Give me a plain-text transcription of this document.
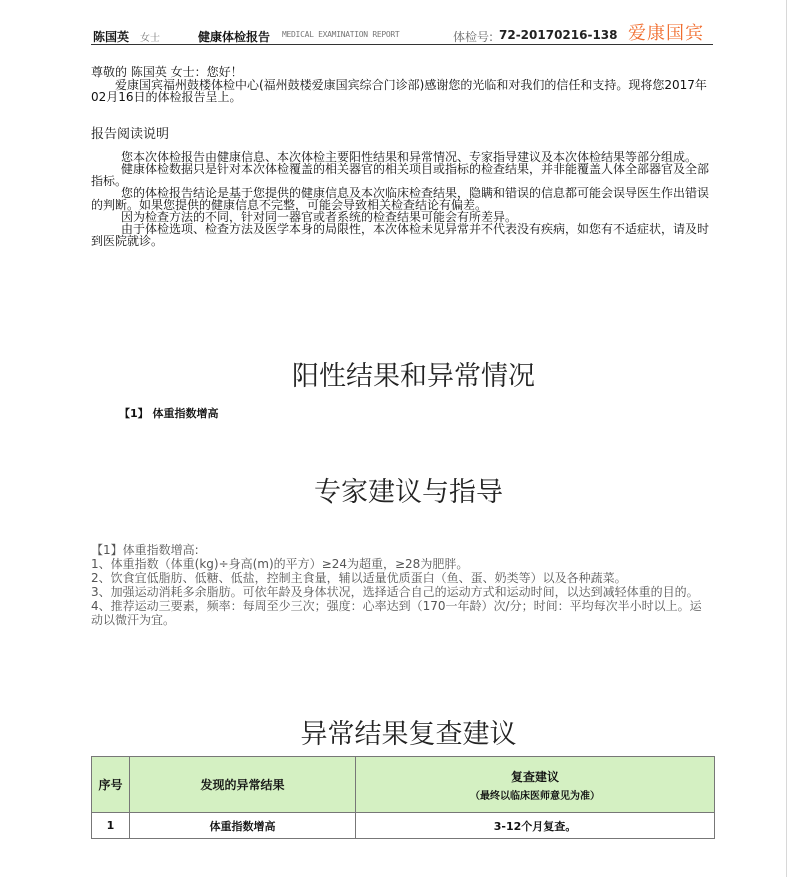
陈国英 女士	健康体检报告 MEDICAL EXAMINATION REPORT	体检号: 72-20170216-138 爱康国宾
尊敬的 陈国英 女士：您好！
爱康国宾福州鼓楼体检中心(福州鼓楼爱康国宾综合门诊部)感谢您的光临和对我们的信任和支持。现将您2017年02月16日的体检报告呈上。
报告阅读说明

您本次体检报告由健康信息、本次体检主要阳性结果和异常情况、专家指导建议及本次体检结果等部分组成。

健康体检数据只是针对本次体检覆盖的相关器官的相关项目或指标的检查结果，并非能覆盖人体全部器官及全部指标。

您的体检报告结论是基于您提供的健康信息及本次临床检查结果，隐瞒和错误的信息都可能会误导医生作出错误的判断。如果您提供的健康信息不完整，可能会导致相关检查结论有偏差。

因为检查方法的不同，针对同一器官或者系统的检查结果可能会有所差异。

由于体检选项、检查方法及医学本身的局限性，本次体检未见异常并不代表没有疾病，如您有不适症状，请及时到医院就诊。

阳性结果和异常情况
【1】 体重指数增高
专家建议与指导
【1】体重指数增高:
1、体重指数（体重(kg)÷身高(m)的平方）≥24为超重，≥28为肥胖。
2、饮食宜低脂肪、低糖、低盐，控制主食量，辅以适量优质蛋白（鱼、蛋、奶类等）以及各种蔬菜。
3、加强运动消耗多余脂肪。可依年龄及身体状况，选择适合自己的运动方式和运动时间，以达到减轻体重的目的。
4、推荐运动三要素，频率：每周至少三次；强度：心率达到（170一年龄）次/分；时间：平均每次半小时以上。运动以微汗为宜。
异常结果复查建议
序号	发现的异常结果	复查建议
（最终以临床医师意见为准）

1	体重指数增高	3-12个月复查。
